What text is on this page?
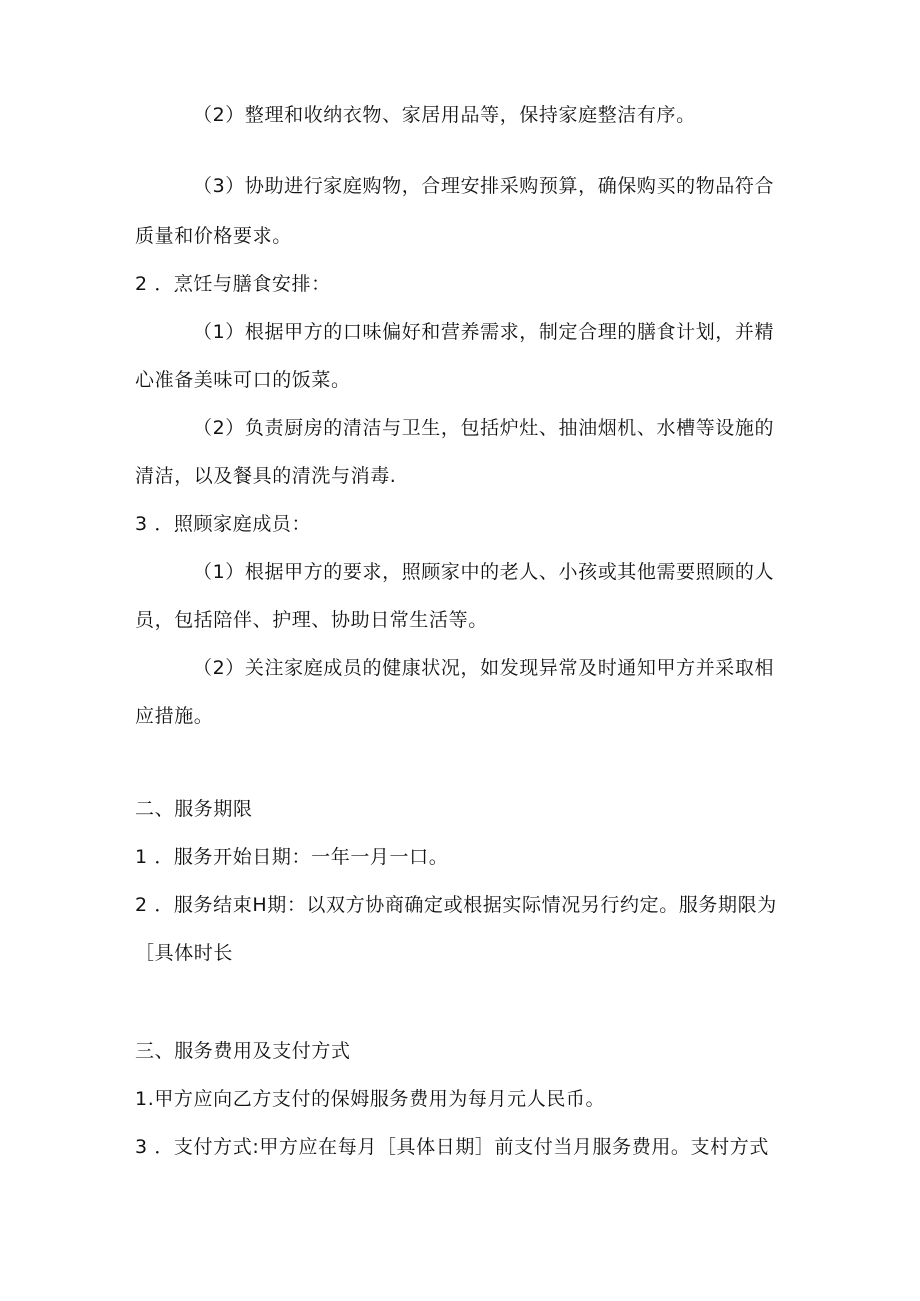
（2）整理和收纳衣物、家居用品等，保持家庭整洁有序。
（3）协助进行家庭购物，合理安排采购预算，确保购买的物品符合
质量和价格要求。
2 ．烹饪与膳食安排：
（1）根据甲方的口味偏好和营养需求，制定合理的膳食计划，并精
心准备美味可口的饭菜。
（2）负责厨房的清洁与卫生，包括炉灶、抽油烟机、水槽等设施的
清洁，以及餐具的清洗与消毒.
3 ．照顾家庭成员：
（1）根据甲方的要求，照顾家中的老人、小孩或其他需要照顾的人
员，包括陪伴、护理、协助日常生活等。
（2）关注家庭成员的健康状况，如发现异常及时通知甲方并采取相
应措施。
二、服务期限
1 ．服务开始日期：一年一月一口。
2 ．服务结束H期：以双方协商确定或根据实际情况另行约定。服务期限为
［具体时长
三、服务费用及支付方式
1.甲方应向乙方支付的保姆服务费用为每月元人民币。
3 ．支付方式:甲方应在每月［具体日期］前支付当月服务费用。支村方式
